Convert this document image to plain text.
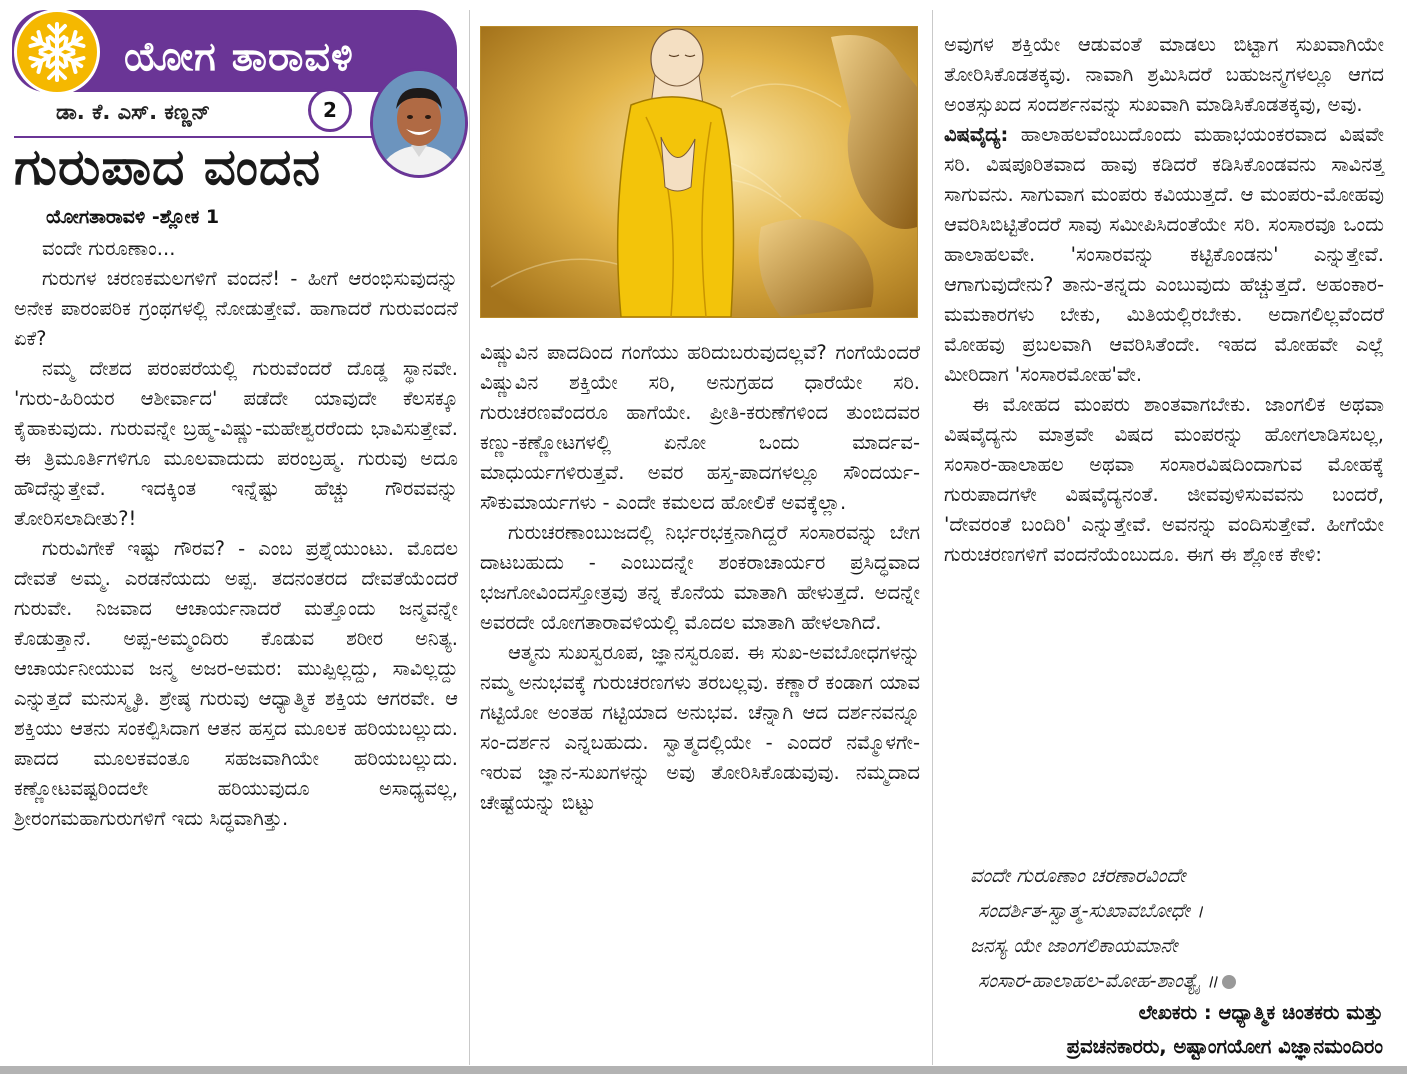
ಯೋಗ ತಾರಾವಳಿ
ಡಾ. ಕೆ. ಎಸ್. ಕಣ್ಣನ್	2
ಗುರುಪಾದ ವಂದನ
ಯೋಗತಾರಾವಳಿ -ಶ್ಲೋಕ 1

ವಂದೇ ಗುರೂಣಾಂ...

ಗುರುಗಳ ಚರಣಕಮಲಗಳಿಗೆ ವಂದನೆ! - ಹೀಗೆ ಆರಂಭಿಸುವುದನ್ನು ಅನೇಕ ಪಾರಂಪರಿಕ ಗ್ರಂಥಗಳಲ್ಲಿ ನೋಡುತ್ತೇವೆ. ಹಾಗಾದರೆ ಗುರುವಂದನೆ ಏಕೆ?

ನಮ್ಮ ದೇಶದ ಪರಂಪರೆಯಲ್ಲಿ ಗುರುವೆಂದರೆ ದೊಡ್ಡ ಸ್ಥಾನವೇ. 'ಗುರು-ಹಿರಿಯರ ಆಶೀರ್ವಾದ' ಪಡೆದೇ ಯಾವುದೇ ಕೆಲಸಕ್ಕೂ ಕೈಹಾಕುವುದು. ಗುರುವನ್ನೇ ಬ್ರಹ್ಮ-ವಿಷ್ಣು-ಮಹೇಶ್ವರರೆಂದು ಭಾವಿಸುತ್ತೇವೆ. ಈ ತ್ರಿಮೂರ್ತಿಗಳಿಗೂ ಮೂಲವಾದುದು ಪರಂಬ್ರಹ್ಮ. ಗುರುವು ಅದೂ ಹೌದೆನ್ನುತ್ತೇವೆ. ಇದಕ್ಕಿಂತ ಇನ್ನೆಷ್ಟು ಹೆಚ್ಚು ಗೌರವವನ್ನು ತೋರಿಸಲಾದೀತು?!

ಗುರುವಿಗೇಕೆ ಇಷ್ಟು ಗೌರವ? - ಎಂಬ ಪ್ರಶ್ನೆಯುಂಟು. ಮೊದಲ ದೇವತೆ ಅಮ್ಮ. ಎರಡನೆಯದು ಅಪ್ಪ. ತದನಂತರದ ದೇವತೆಯೆಂದರೆ ಗುರುವೇ. ನಿಜವಾದ ಆಚಾರ್ಯನಾದರೆ ಮತ್ತೊಂದು ಜನ್ಮವನ್ನೇ ಕೊಡುತ್ತಾನೆ. ಅಪ್ಪ-ಅಮ್ಮಂದಿರು ಕೊಡುವ ಶರೀರ ಅನಿತ್ಯ. ಆಚಾರ್ಯನೀಯುವ ಜನ್ಮ ಅಜರ-ಅಮರ: ಮುಪ್ಪಿಲ್ಲದ್ದು, ಸಾವಿಲ್ಲದ್ದು ಎನ್ನುತ್ತದೆ ಮನುಸ್ಮೃತಿ. ಶ್ರೇಷ್ಠ ಗುರುವು ಆಧ್ಯಾತ್ಮಿಕ ಶಕ್ತಿಯ ಆಗರವೇ. ಆ ಶಕ್ತಿಯು ಆತನು ಸಂಕಲ್ಪಿಸಿದಾಗ ಆತನ ಹಸ್ತದ ಮೂಲಕ ಹರಿಯಬಲ್ಲುದು. ಪಾದದ ಮೂಲಕವಂತೂ ಸಹಜವಾಗಿಯೇ ಹರಿಯಬಲ್ಲುದು. ಕಣ್ಣೋಟವಷ್ಟರಿಂದಲೇ ಹರಿಯುವುದೂ ಅಸಾಧ್ಯವಲ್ಲ, ಶ್ರೀರಂಗಮಹಾಗುರುಗಳಿಗೆ ಇದು ಸಿದ್ಧವಾಗಿತ್ತು.

ವಿಷ್ಣುವಿನ ಪಾದದಿಂದ ಗಂಗೆಯು ಹರಿದುಬರುವುದಲ್ಲವೆ? ಗಂಗೆಯೆಂದರೆ ವಿಷ್ಣುವಿನ ಶಕ್ತಿಯೇ ಸರಿ, ಅನುಗ್ರಹದ ಧಾರೆಯೇ ಸರಿ. ಗುರುಚರಣವೆಂದರೂ ಹಾಗೆಯೇ. ಪ್ರೀತಿ-ಕರುಣೆಗಳಿಂದ ತುಂಬಿದವರ ಕಣ್ಣು-ಕಣ್ಣೋಟಗಳಲ್ಲಿ ಏನೋ ಒಂದು ಮಾರ್ದವ-ಮಾಧುರ್ಯಗಳಿರುತ್ತವೆ. ಅವರ ಹಸ್ತ-ಪಾದಗಳಲ್ಲೂ ಸೌಂದರ್ಯ-ಸೌಕುಮಾರ್ಯಗಳು - ಎಂದೇ ಕಮಲದ ಹೋಲಿಕೆ ಅವಕ್ಕೆಲ್ಲಾ.

ಗುರುಚರಣಾಂಬುಜದಲ್ಲಿ ನಿರ್ಭರಭಕ್ತನಾಗಿದ್ದರೆ ಸಂಸಾರವನ್ನು ಬೇಗ ದಾಟಬಹುದು - ಎಂಬುದನ್ನೇ ಶಂಕರಾಚಾರ್ಯರ ಪ್ರಸಿದ್ಧವಾದ ಭಜಗೋವಿಂದಸ್ತೋತ್ರವು ತನ್ನ ಕೊನೆಯ ಮಾತಾಗಿ ಹೇಳುತ್ತದೆ. ಅದನ್ನೇ ಅವರದೇ ಯೋಗತಾರಾವಳಿಯಲ್ಲಿ ಮೊದಲ ಮಾತಾಗಿ ಹೇಳಲಾಗಿದೆ.

ಆತ್ಮನು ಸುಖಸ್ವರೂಪ, ಜ್ಞಾನಸ್ವರೂಪ. ಈ ಸುಖ-ಅವಬೋಧಗಳನ್ನು ನಮ್ಮ ಅನುಭವಕ್ಕೆ ಗುರುಚರಣಗಳು ತರಬಲ್ಲವು. ಕಣ್ಣಾರೆ ಕಂಡಾಗ ಯಾವ ಗಟ್ಟಿಯೋ ಅಂತಹ ಗಟ್ಟಿಯಾದ ಅನುಭವ. ಚೆನ್ನಾಗಿ ಆದ ದರ್ಶನವನ್ನೂ ಸಂ-ದರ್ಶನ ಎನ್ನಬಹುದು. ಸ್ವಾತ್ಮದಲ್ಲಿಯೇ - ಎಂದರೆ ನಮ್ಮೊಳಗೇ- ಇರುವ ಜ್ಞಾನ-ಸುಖಗಳನ್ನು ಅವು ತೋರಿಸಿಕೊಡುವುವು. ನಮ್ಮದಾದ ಚೇಷ್ಟೆಯನ್ನು ಬಿಟ್ಟು

ಅವುಗಳ ಶಕ್ತಿಯೇ ಆಡುವಂತೆ ಮಾಡಲು ಬಿಟ್ಟಾಗ ಸುಖವಾಗಿಯೇ ತೋರಿಸಿಕೊಡತಕ್ಕವು. ನಾವಾಗಿ ಶ್ರಮಿಸಿದರೆ ಬಹುಜನ್ಮಗಳಲ್ಲೂ ಆಗದ ಅಂತಸ್ಸುಖದ ಸಂದರ್ಶನವನ್ನು ಸುಖವಾಗಿ ಮಾಡಿಸಿಕೊಡತಕ್ಕವು, ಅವು.

ವಿಷವೈದ್ಯ: ಹಾಲಾಹಲವೆಂಬುದೊಂದು ಮಹಾಭಯಂಕರವಾದ ವಿಷವೇ ಸರಿ. ವಿಷಪೂರಿತವಾದ ಹಾವು ಕಡಿದರೆ ಕಡಿಸಿಕೊಂಡವನು ಸಾವಿನತ್ತ ಸಾಗುವನು. ಸಾಗುವಾಗ ಮಂಪರು ಕವಿಯುತ್ತದೆ. ಆ ಮಂಪರು-ಮೋಹವು ಆವರಿಸಿಬಿಟ್ಟಿತೆಂದರೆ ಸಾವು ಸಮೀಪಿಸಿದಂತೆಯೇ ಸರಿ. ಸಂಸಾರವೂ ಒಂದು ಹಾಲಾಹಲವೇ. 'ಸಂಸಾರವನ್ನು ಕಟ್ಟಿಕೊಂಡನು' ಎನ್ನುತ್ತೇವೆ. ಆಗಾಗುವುದೇನು? ತಾನು-ತನ್ನದು ಎಂಬುವುದು ಹೆಚ್ಚುತ್ತದೆ. ಅಹಂಕಾರ-ಮಮಕಾರಗಳು ಬೇಕು, ಮಿತಿಯಲ್ಲಿರಬೇಕು. ಅದಾಗಲಿಲ್ಲವೆಂದರೆ ಮೋಹವು ಪ್ರಬಲವಾಗಿ ಆವರಿಸಿತೆಂದೇ. ಇಹದ ಮೋಹವೇ ಎಲ್ಲೆ ಮೀರಿದಾಗ 'ಸಂಸಾರಮೋಹ'ವೇ.

ಈ ಮೋಹದ ಮಂಪರು ಶಾಂತವಾಗಬೇಕು. ಜಾಂಗಲಿಕ ಅಥವಾ ವಿಷವೈದ್ಯನು ಮಾತ್ರವೇ ವಿಷದ ಮಂಪರನ್ನು ಹೋಗಲಾಡಿಸಬಲ್ಲ, ಸಂಸಾರ-ಹಾಲಾಹಲ ಅಥವಾ ಸಂಸಾರವಿಷದಿಂದಾಗುವ ಮೋಹಕ್ಕೆ ಗುರುಪಾದಗಳೇ ವಿಷವೈದ್ಯನಂತೆ. ಜೀವವುಳಿಸುವವನು ಬಂದರೆ, 'ದೇವರಂತೆ ಬಂದಿರಿ' ಎನ್ನುತ್ತೇವೆ. ಅವನನ್ನು ವಂದಿಸುತ್ತೇವೆ. ಹೀಗೆಯೇ ಗುರುಚರಣಗಳಿಗೆ ವಂದನೆಯೆಂಬುದೂ. ಈಗ ಈ ಶ್ಲೋಕ ಕೇಳಿ:

ವಂದೇ ಗುರೂಣಾಂ ಚರಣಾರವಿಂದೇ
ಸಂದರ್ಶಿತ-ಸ್ವಾತ್ಮ-ಸುಖಾವಬೋಧೇ ।
ಜನಸ್ಯ ಯೇ ಜಾಂಗಲಿಕಾಯಮಾನೇ
ಸಂಸಾರ-ಹಾಲಾಹಲ-ಮೋಹ-ಶಾಂತ್ಯೈ ॥
ಲೇಖಕರು : ಆಧ್ಯಾತ್ಮಿಕ ಚಿಂತಕರು ಮತ್ತು
ಪ್ರವಚನಕಾರರು, ಅಷ್ಟಾಂಗಯೋಗ ವಿಜ್ಞಾನಮಂದಿರಂ
